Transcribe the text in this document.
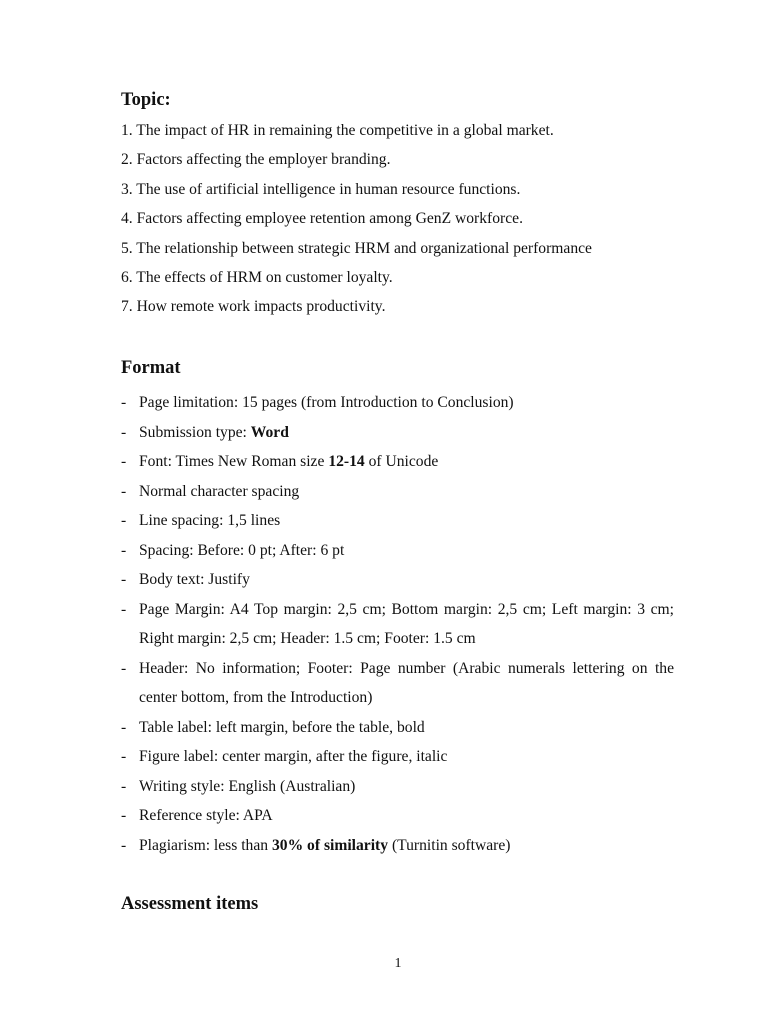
Topic:
1. The impact of HR in remaining the competitive in a global market.
2. Factors affecting the employer branding.
3. The use of artificial intelligence in human resource functions.
4. Factors affecting employee retention among GenZ workforce.
5. The relationship between strategic HRM and organizational performance
6. The effects of HRM on customer loyalty.
7. How remote work impacts productivity.
Format
- Page limitation: 15 pages (from Introduction to Conclusion)
- Submission type: Word
- Font: Times New Roman size 12-14 of Unicode
- Normal character spacing
- Line spacing: 1,5 lines
- Spacing: Before: 0 pt; After: 6 pt
- Body text: Justify
- Page Margin: A4 Top margin: 2,5 cm; Bottom margin: 2,5 cm; Left margin: 3 cm; Right margin: 2,5 cm; Header: 1.5 cm; Footer: 1.5 cm
- Header: No information; Footer: Page number (Arabic numerals lettering on the center bottom, from the Introduction)
- Table label: left margin, before the table, bold
- Figure label: center margin, after the figure, italic
- Writing style: English (Australian)
- Reference style: APA
- Plagiarism: less than 30% of similarity (Turnitin software)
Assessment items
1
